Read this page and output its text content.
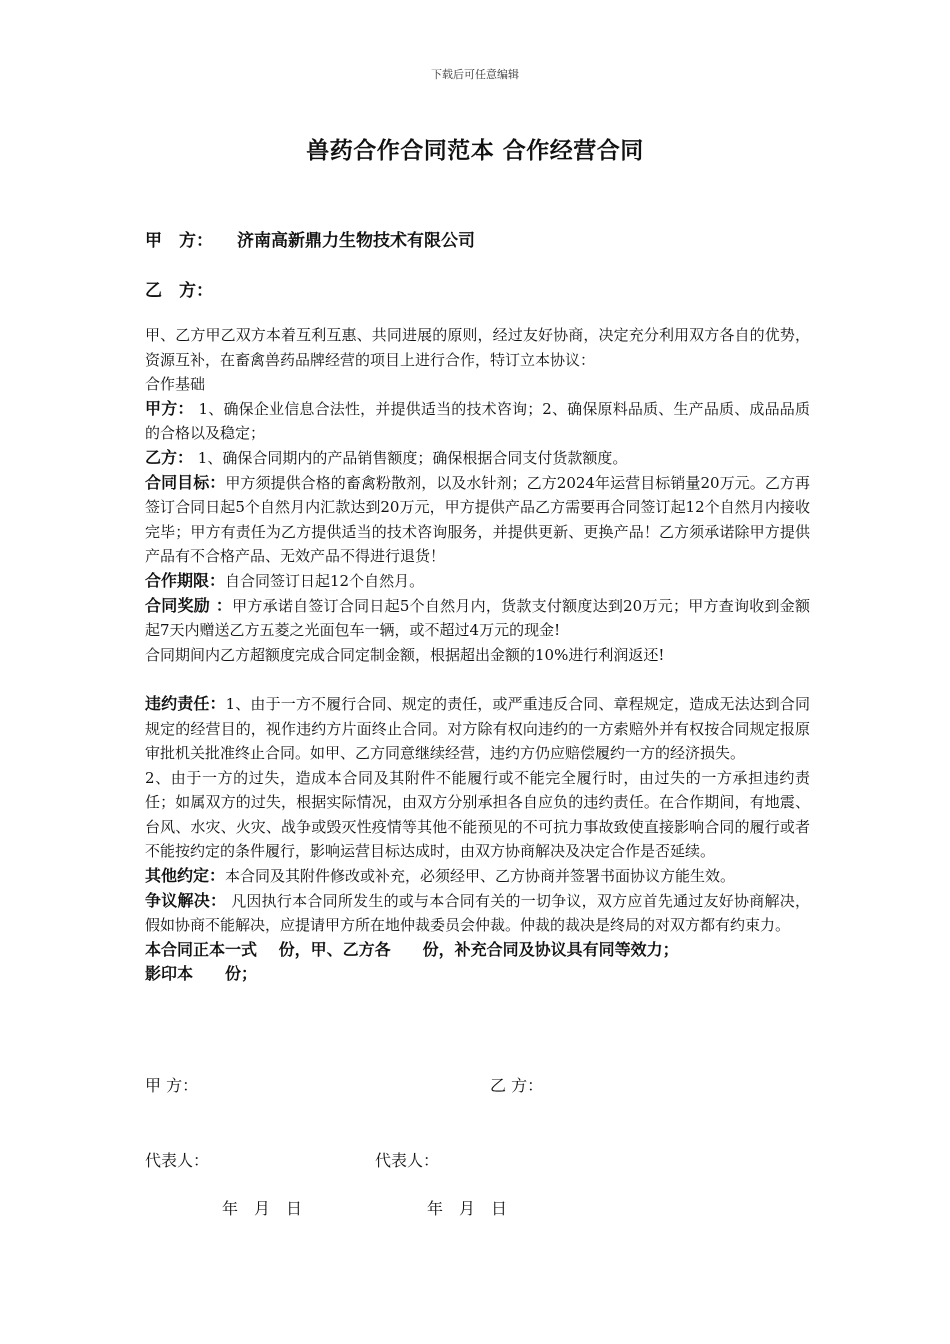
下载后可任意编辑
兽药合作合同范本 合作经营合同
甲　方： 济南高新鼎力生物技术有限公司
乙　方：

甲、乙方甲乙双方本着互利互惠、共同进展的原则，经过友好协商，决定充分利用双方各自的优势，资源互补，在畜禽兽药品牌经营的项目上进行合作，特订立本协议：

合作基础

甲方： 1、确保企业信息合法性，并提供适当的技术咨询；2、确保原料品质、生产品质、成品品质的合格以及稳定；

乙方： 1、确保合同期内的产品销售额度；确保根据合同支付货款额度。

合同目标：甲方须提供合格的畜禽粉散剂，以及水针剂；乙方2024年运营目标销量20万元。乙方再签订合同日起5个自然月内汇款达到20万元，甲方提供产品乙方需要再合同签订起12个自然月内接收完毕；甲方有责任为乙方提供适当的技术咨询服务，并提供更新、更换产品！乙方须承诺除甲方提供产品有不合格产品、无效产品不得进行退货！

合作期限：自合同签订日起12个自然月。

合同奖励 ：甲方承诺自签订合同日起5个自然月内，货款支付额度达到20万元；甲方查询收到金额起7天内赠送乙方五菱之光面包车一辆，或不超过4万元的现金!

合同期间内乙方超额度完成合同定制金额，根据超出金额的10%进行利润返还!

违约责任：1、由于一方不履行合同、规定的责任，或严重违反合同、章程规定，造成无法达到合同规定的经营目的，视作违约方片面终止合同。对方除有权向违约的一方索赔外并有权按合同规定报原审批机关批准终止合同。如甲、乙方同意继续经营，违约方仍应赔偿履约一方的经济损失。

2、由于一方的过失，造成本合同及其附件不能履行或不能完全履行时，由过失的一方承担违约责任；如属双方的过失，根据实际情况，由双方分别承担各自应负的违约责任。在合作期间，有地震、台风、水灾、火灾、战争或毁灭性疫情等其他不能预见的不可抗力事故致使直接影响合同的履行或者不能按约定的条件履行，影响运营目标达成时，由双方协商解决及决定合作是否延续。

其他约定：本合同及其附件修改或补充，必须经甲、乙方协商并签署书面协议方能生效。

争议解决： 凡因执行本合同所发生的或与本合同有关的一切争议，双方应首先通过友好协商解决，假如协商不能解决，应提请甲方所在地仲裁委员会仲裁。仲裁的裁决是终局的对双方都有约束力。

本合同正本一式　 份，甲、乙方各　　份，补充合同及协议具有同等效力；

影印本　　份；

甲 方：	乙 方：
代表人：	代表人：
年　月　日	年　月　日
